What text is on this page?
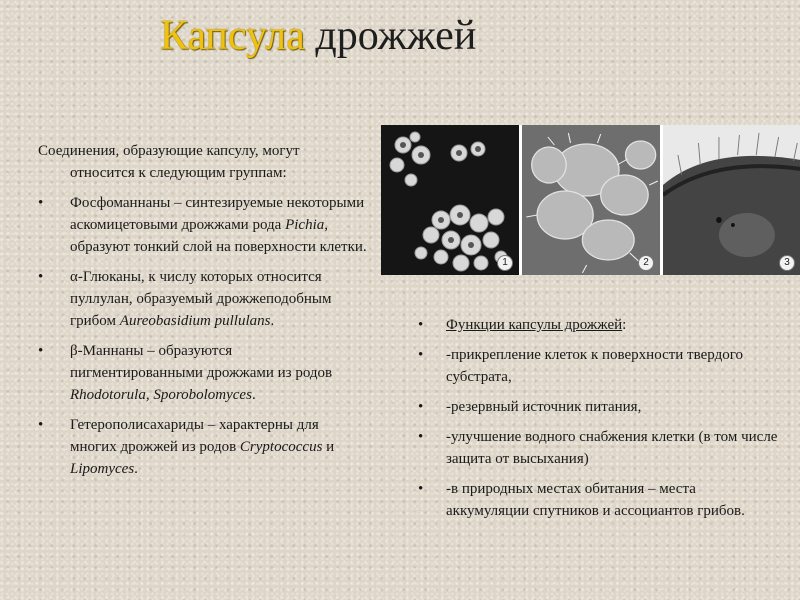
Капсула дрожжей
Соединения, образующие капсулу, могут
относится к следующим группам:
• Фосфоманнаны – синтезируемые некоторыми аскомицетовыми дрожжами рода Pichia, образуют тонкий слой на поверхности клетки.
• α-Глюканы, к числу которых относится пуллулан, образуемый дрожжеподобным грибом Aureobasidium pullulans.
• β-Маннаны – образуются пигментированными дрожжами из родов Rhodotorula, Sporobolomyces.
• Гетерополисахариды – характерны для многих дрожжей из родов Cryptococcus и Lipomyces.
1	2	3
• Функции капсулы дрожжей:
• -прикрепление клеток к поверхности твердого субстрата,
• -резервный источник питания,
• -улучшение водного снабжения клетки (в том числе защита от высыхания)
• -в природных местах обитания – места аккумуляции спутников и ассоциантов грибов.
